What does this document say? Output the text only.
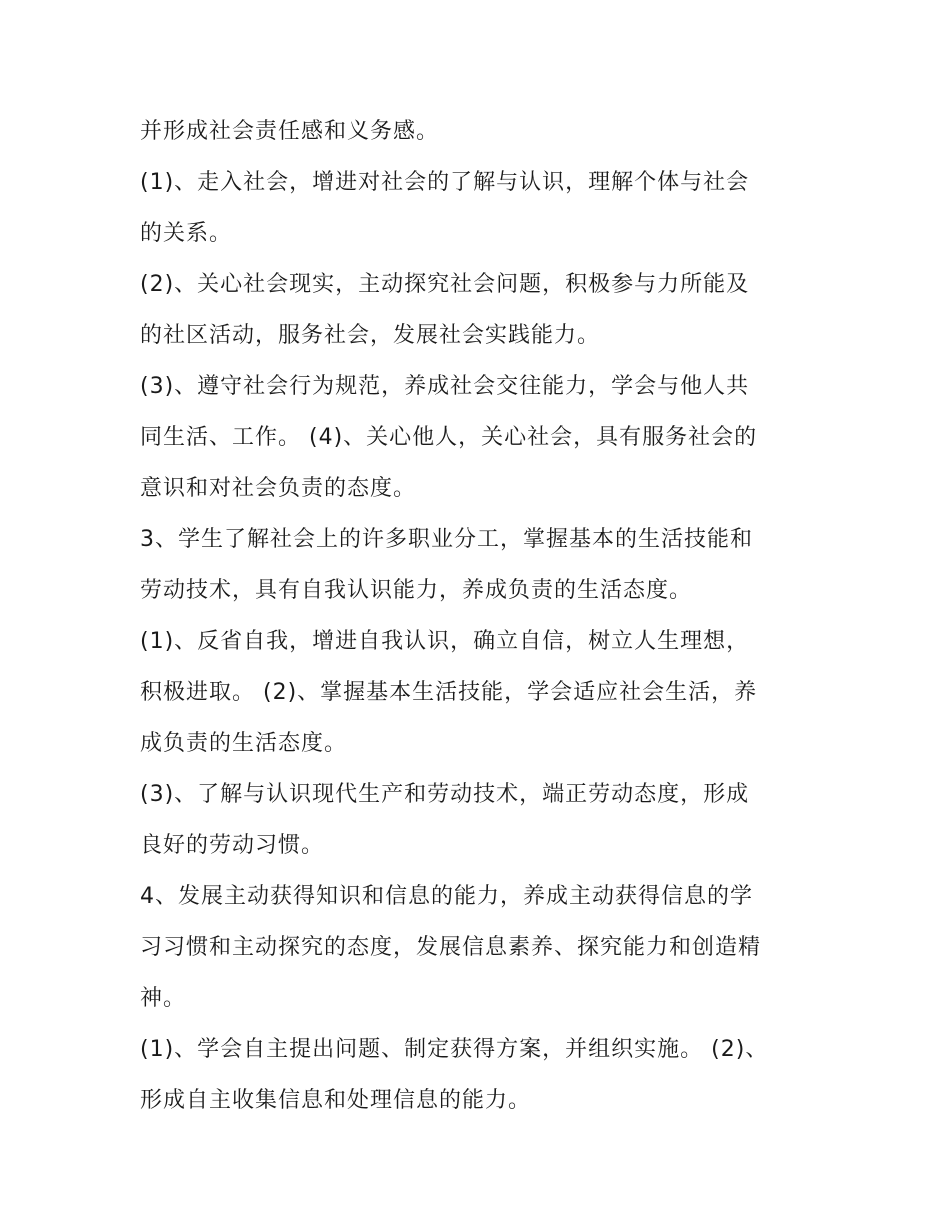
并形成社会责任感和义务感。
(1)、走入社会，增进对社会的了解与认识，理解个体与社会
的关系。
(2)、关心社会现实，主动探究社会问题，积极参与力所能及
的社区活动，服务社会，发展社会实践能力。
(3)、遵守社会行为规范，养成社会交往能力，学会与他人共
同生活、工作。 (4)、关心他人，关心社会，具有服务社会的
意识和对社会负责的态度。
3、学生了解社会上的许多职业分工，掌握基本的生活技能和
劳动技术，具有自我认识能力，养成负责的生活态度。
(1)、反省自我，增进自我认识，确立自信，树立人生理想，
积极进取。 (2)、掌握基本生活技能，学会适应社会生活，养
成负责的生活态度。
(3)、了解与认识现代生产和劳动技术，端正劳动态度，形成
良好的劳动习惯。
4、发展主动获得知识和信息的能力，养成主动获得信息的学
习习惯和主动探究的态度，发展信息素养、探究能力和创造精
神。
(1)、学会自主提出问题、制定获得方案，并组织实施。 (2)、
形成自主收集信息和处理信息的能力。
